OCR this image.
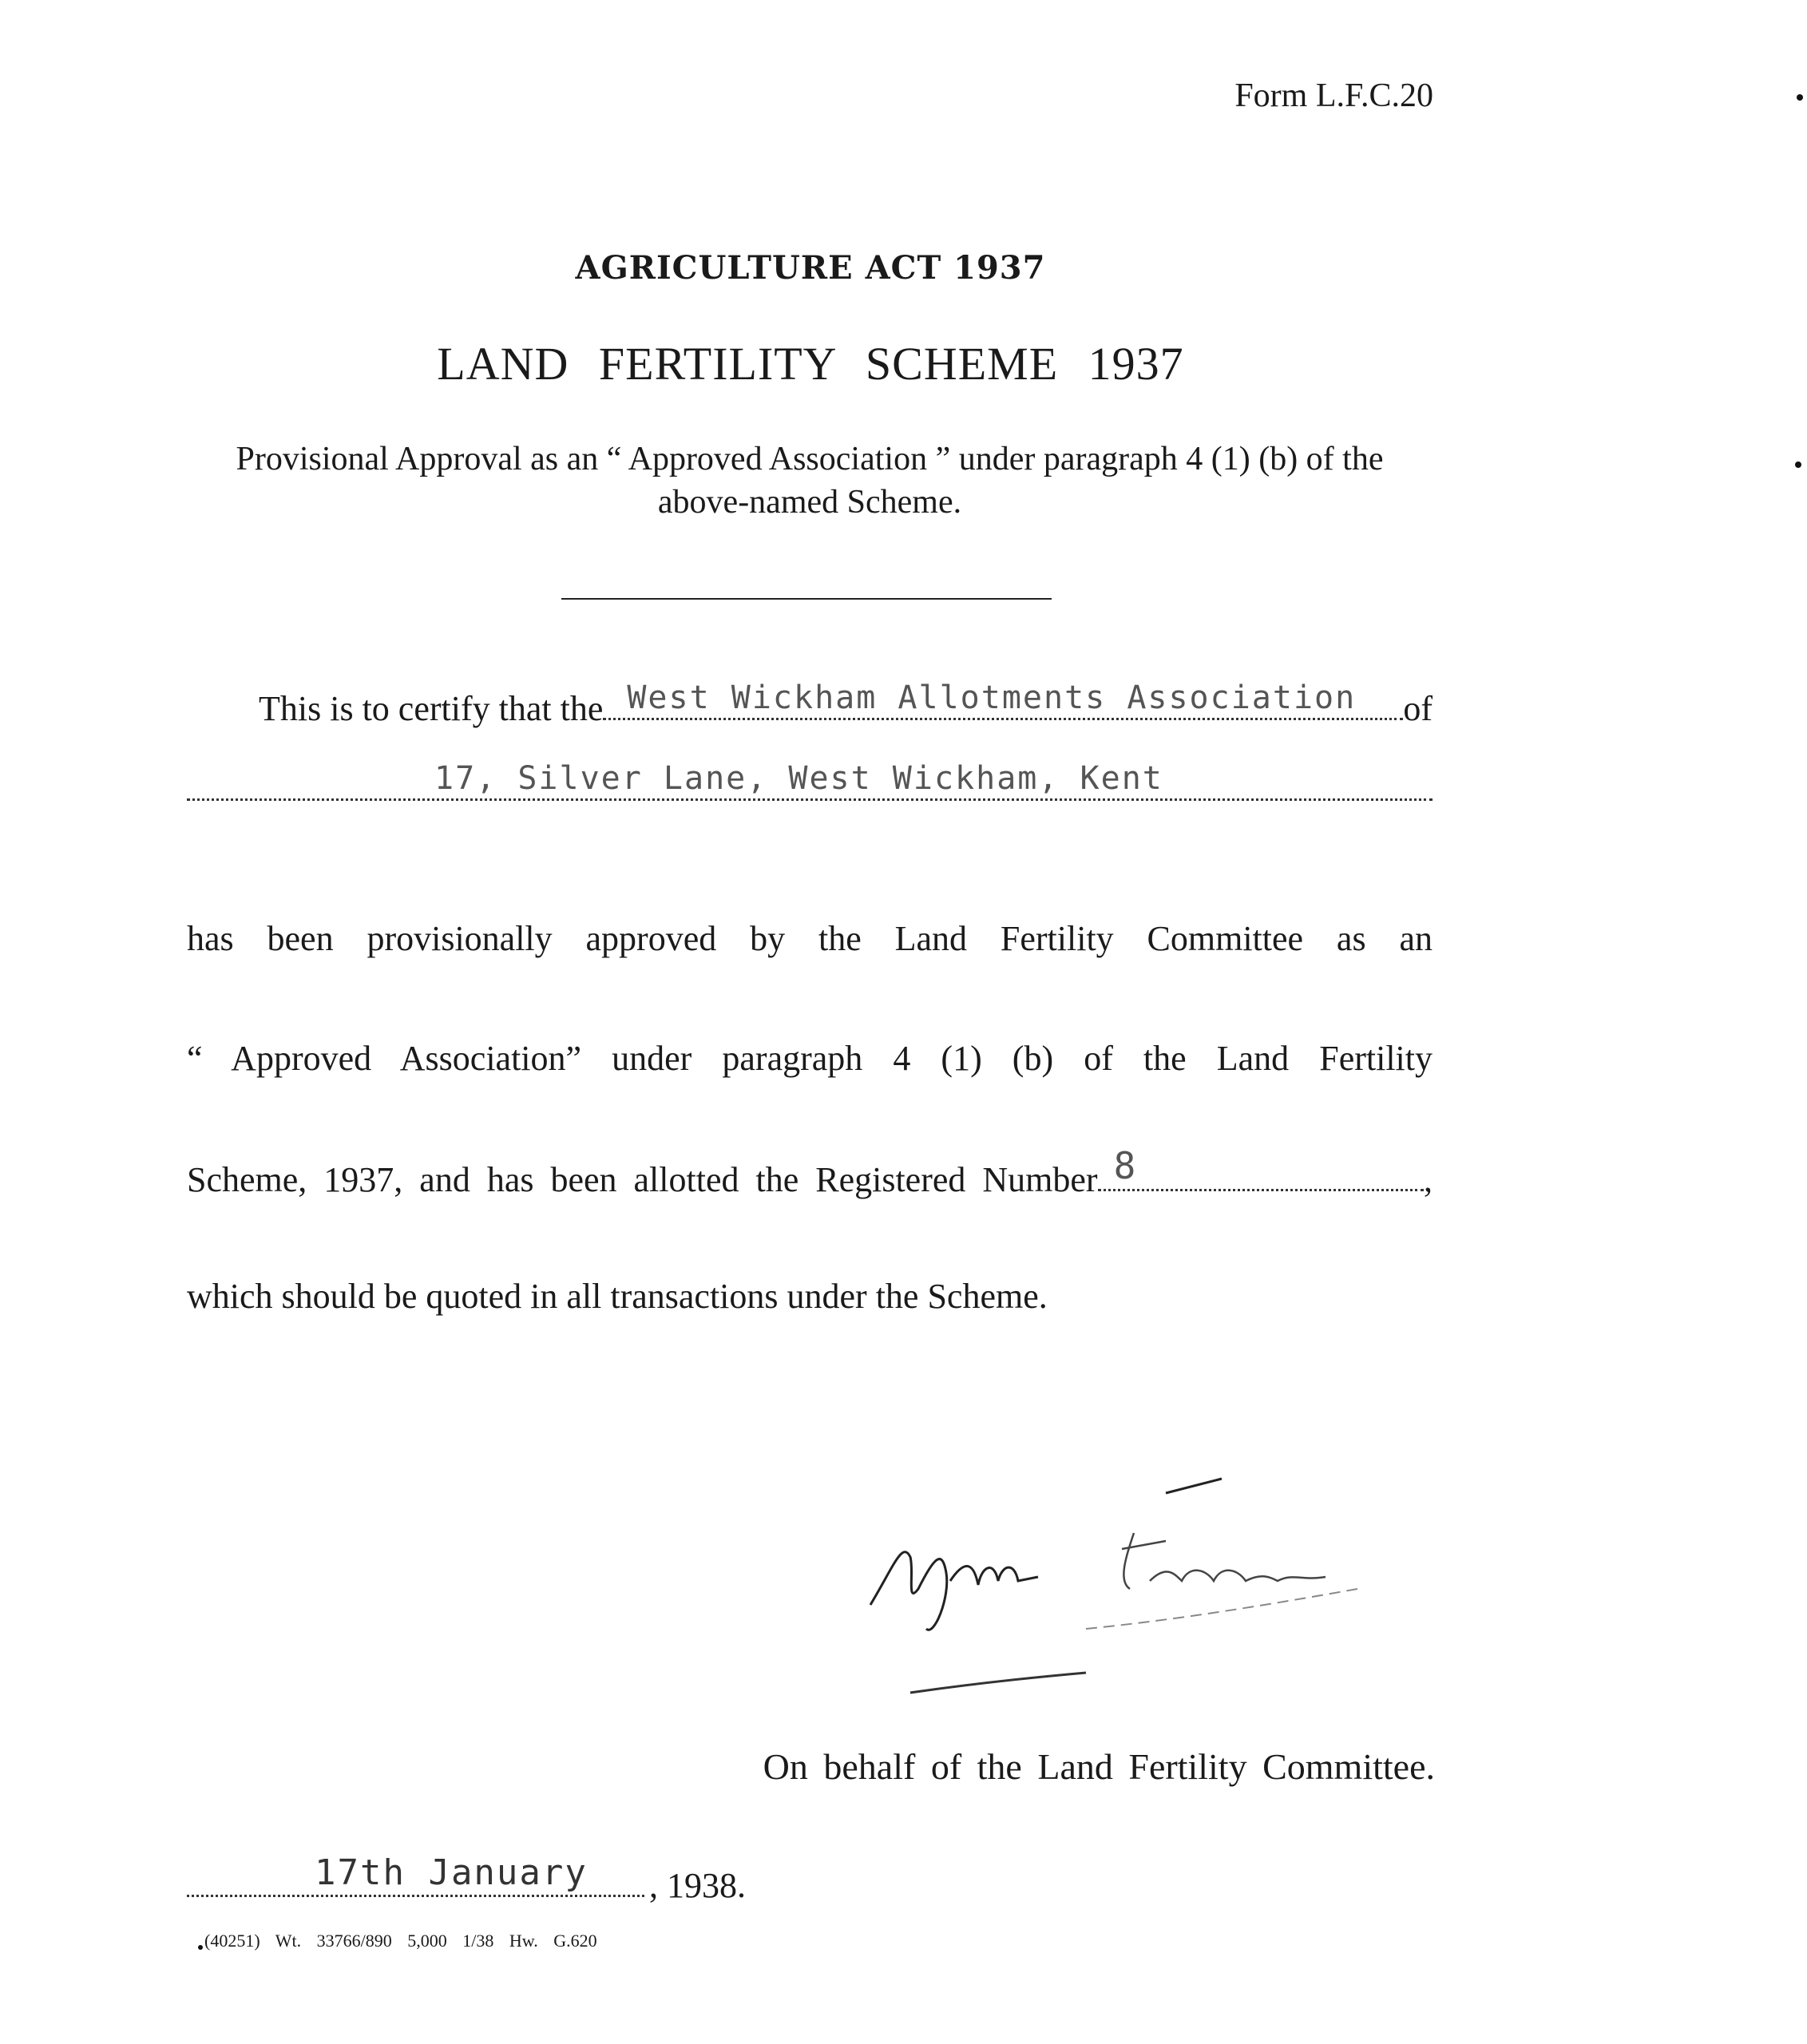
Form L.F.C.20
AGRICULTURE ACT 1937
LAND FERTILITY SCHEME 1937
Provisional Approval as an “ Approved Association ” under paragraph 4 (1) (b) of the above-named Scheme.
This is to certify that the West Wickham Allotments Association of
17, Silver Lane, West Wickham, Kent
has been provisionally approved by the Land Fertility Committee as an
“ Approved Association” under paragraph 4 (1) (b) of the Land Fertility
Scheme, 1937, and has been allotted the Registered Number 8	,
which should be quoted in all transactions under the Scheme.
On behalf of the Land Fertility Committee.
17th January , 1938.
(40251) Wt. 33766/890 5,000 1/38 Hw. G.620
